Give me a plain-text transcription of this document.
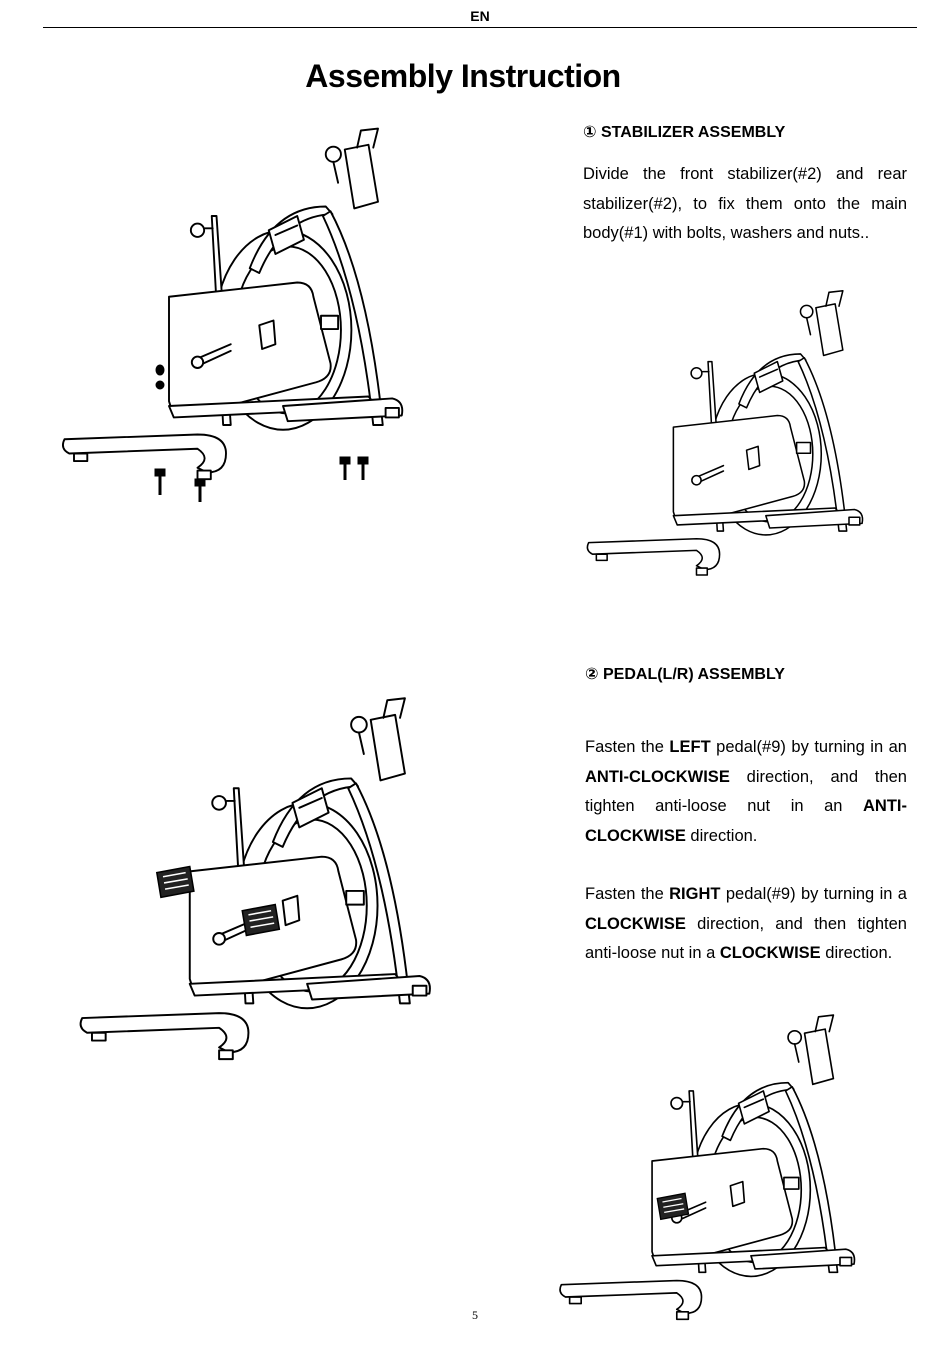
EN
Assembly Instruction
① STABILIZER ASSEMBLY

Divide the front stabilizer(#2) and rear stabilizer(#2), to fix them onto the main body(#1) with bolts, washers and nuts..

② PEDAL(L/R) ASSEMBLY

Fasten the LEFT pedal(#9) by turning in an ANTI-CLOCKWISE direction, and then tighten anti-loose nut in an ANTI-CLOCKWISE direction.

Fasten the RIGHT pedal(#9) by turning in a CLOCKWISE direction, and then tighten anti-loose nut in a CLOCKWISE direction.

5
